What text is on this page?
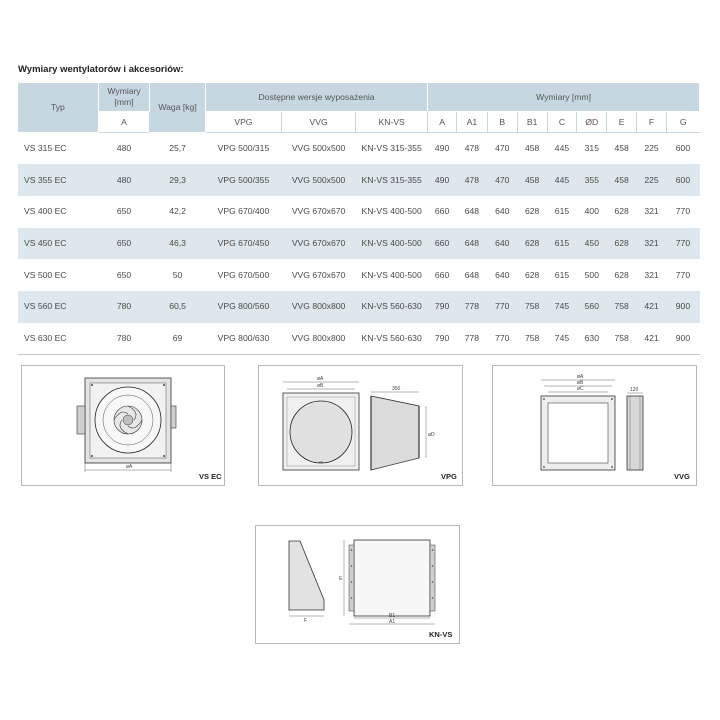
Wymiary wentylatorów i akcesoriów:
Typ	Wymiary [mm]	Waga [kg]	Dostępne wersje wyposażenia			Wymiary [mm]								
	A		VPG	VVG	KN-VS	A	A1	B	B1	C	ØD	E	F	G
VS 315 EC	480	25,7	VPG 500/315	VVG 500x500	KN-VS 315-355	490	478	470	458	445	315	458	225	600
VS 355 EC	480	29,3	VPG 500/355	VVG 500x500	KN-VS 315-355	490	478	470	458	445	355	458	225	600
VS 400 EC	650	42,2	VPG 670/400	VVG 670x670	KN-VS 400-500	660	648	640	628	615	400	628	321	770
VS 450 EC	650	46,3	VPG 670/450	VVG 670x670	KN-VS 400-500	660	648	640	628	615	450	628	321	770
VS 500 EC	650	50	VPG 670/500	VVG 670x670	KN-VS 400-500	660	648	640	628	615	500	628	321	770
VS 560 EC	780	60,5	VPG 800/560	VVG 800x800	KN-VS 560-630	790	778	770	758	745	560	758	421	900
VS 630 EC	780	69	VPG 800/630	VVG 800x800	KN-VS 560-630	790	778	770	758	745	630	758	421	900
øA
VS EC
øA
øB	350
øD
VPG
øA
øB
øC	120
VVG
F
E
B1
A1
KN-VS
